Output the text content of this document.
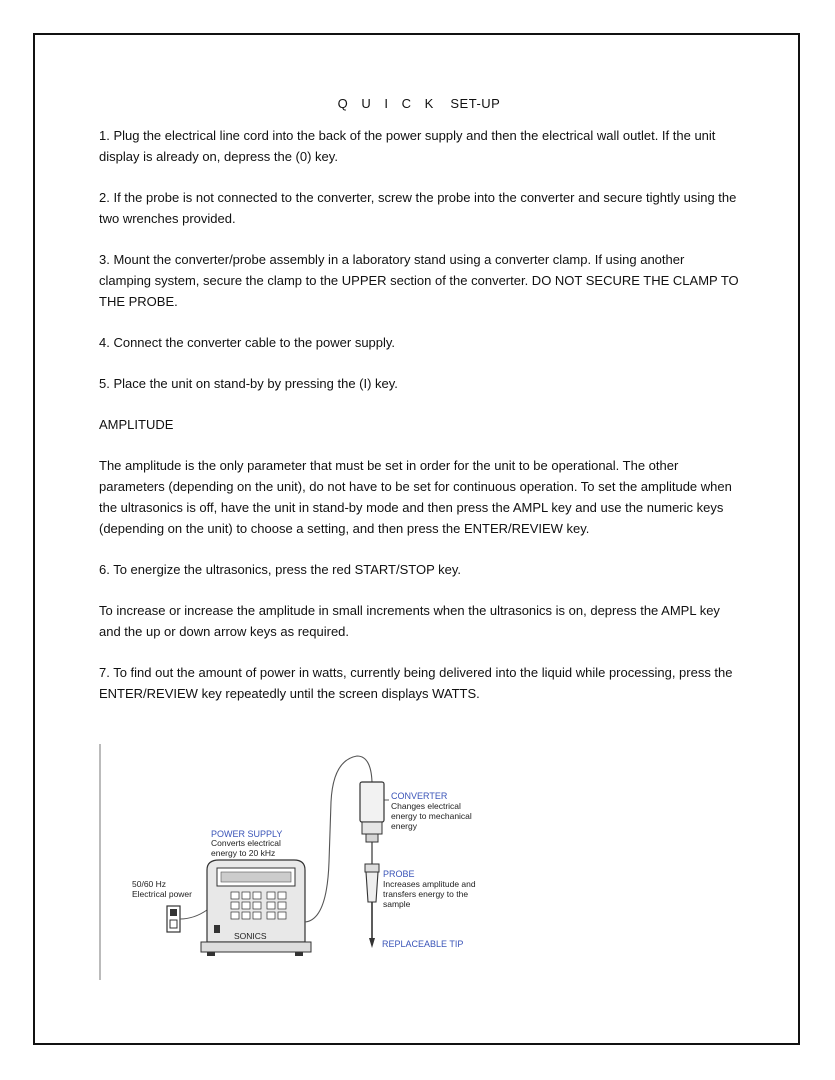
Q U I C K SET-UP

1. Plug the electrical line cord into the back of the power supply and then the electrical wall outlet. If the unit display is already on, depress the (0) key.

2. If the probe is not connected to the converter, screw the probe into the converter and secure tightly using the two wrenches provided.

3. Mount the converter/probe assembly in a laboratory stand using a converter clamp. If using another clamping system, secure the clamp to the UPPER section of the converter. DO NOT SECURE THE CLAMP TO THE PROBE.

4. Connect the converter cable to the power supply.

5. Place the unit on stand-by by pressing the (I) key.

AMPLITUDE

The amplitude is the only parameter that must be set in order for the unit to be operational. The other parameters (depending on the unit), do not have to be set for continuous operation. To set the amplitude when the ultrasonics is off, have the unit in stand-by mode and then press the AMPL key and use the numeric keys (depending on the unit) to choose a setting, and then press the ENTER/REVIEW key.

6. To energize the ultrasonics, press the red START/STOP key.

To increase or increase the amplitude in small increments when the ultrasonics is on, depress the AMPL key and the up or down arrow keys as required.

7. To find out the amount of power in watts, currently being delivered into the liquid while processing, press the ENTER/REVIEW key repeatedly until the screen displays WATTS.

POWER SUPPLY
Converts electrical
energy to 20 kHz
50/60 Hz
Electrical power
SONICS
CONVERTER
Changes electrical
energy to mechanical
energy
PROBE
Increases amplitude and
transfers energy to the
sample
REPLACEABLE TIP
